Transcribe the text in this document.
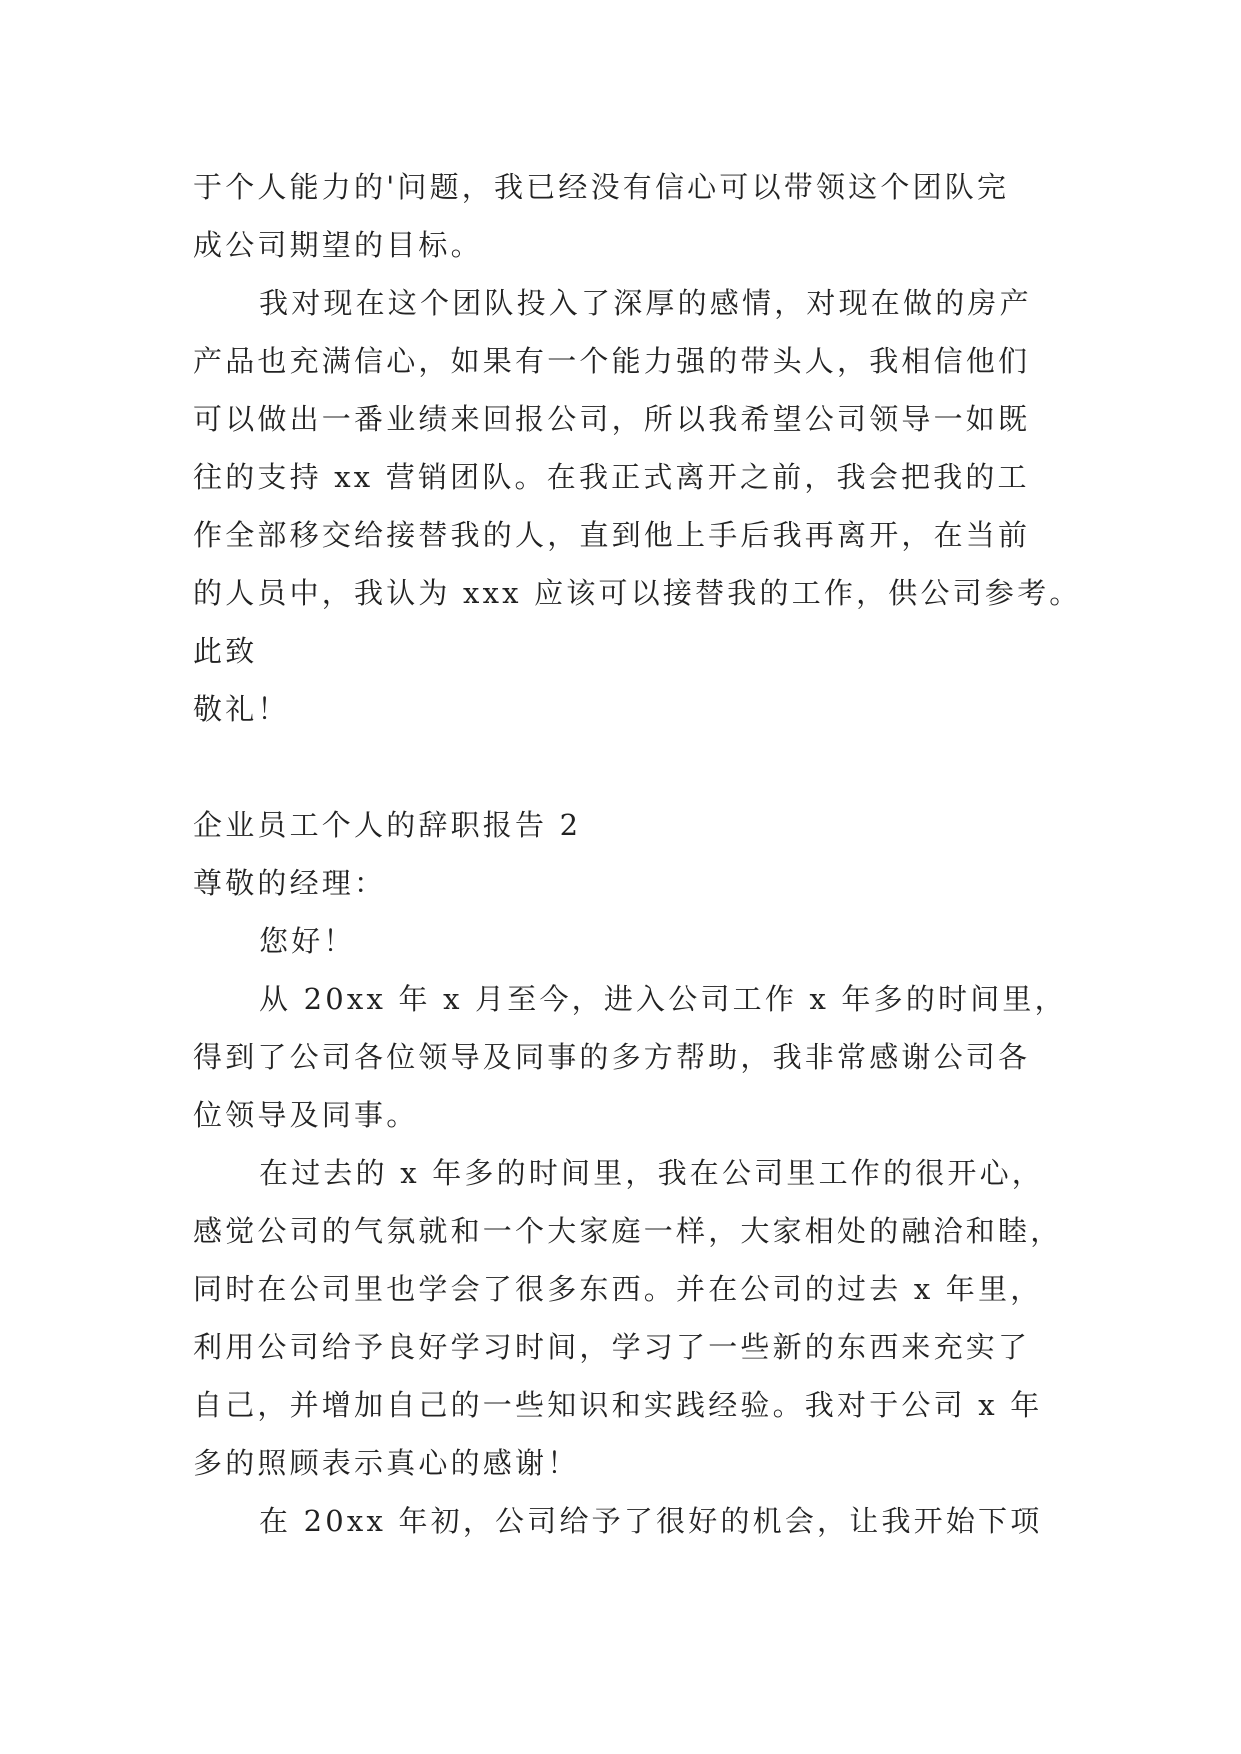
于个人能力的'问题，我已经没有信心可以带领这个团队完
成公司期望的目标。
我对现在这个团队投入了深厚的感情，对现在做的房产
产品也充满信心，如果有一个能力强的带头人，我相信他们
可以做出一番业绩来回报公司，所以我希望公司领导一如既
往的支持 xx 营销团队。在我正式离开之前，我会把我的工
作全部移交给接替我的人，直到他上手后我再离开，在当前
的人员中，我认为 xxx 应该可以接替我的工作，供公司参考。
此致
敬礼！
企业员工个人的辞职报告 2
尊敬的经理：
您好！
从 20xx 年 x 月至今，进入公司工作 x 年多的时间里，
得到了公司各位领导及同事的多方帮助，我非常感谢公司各
位领导及同事。
在过去的 x 年多的时间里，我在公司里工作的很开心，
感觉公司的气氛就和一个大家庭一样，大家相处的融洽和睦，
同时在公司里也学会了很多东西。并在公司的过去 x 年里，
利用公司给予良好学习时间，学习了一些新的东西来充实了
自己，并增加自己的一些知识和实践经验。我对于公司 x 年
多的照顾表示真心的感谢！
在 20xx 年初，公司给予了很好的机会，让我开始下项
